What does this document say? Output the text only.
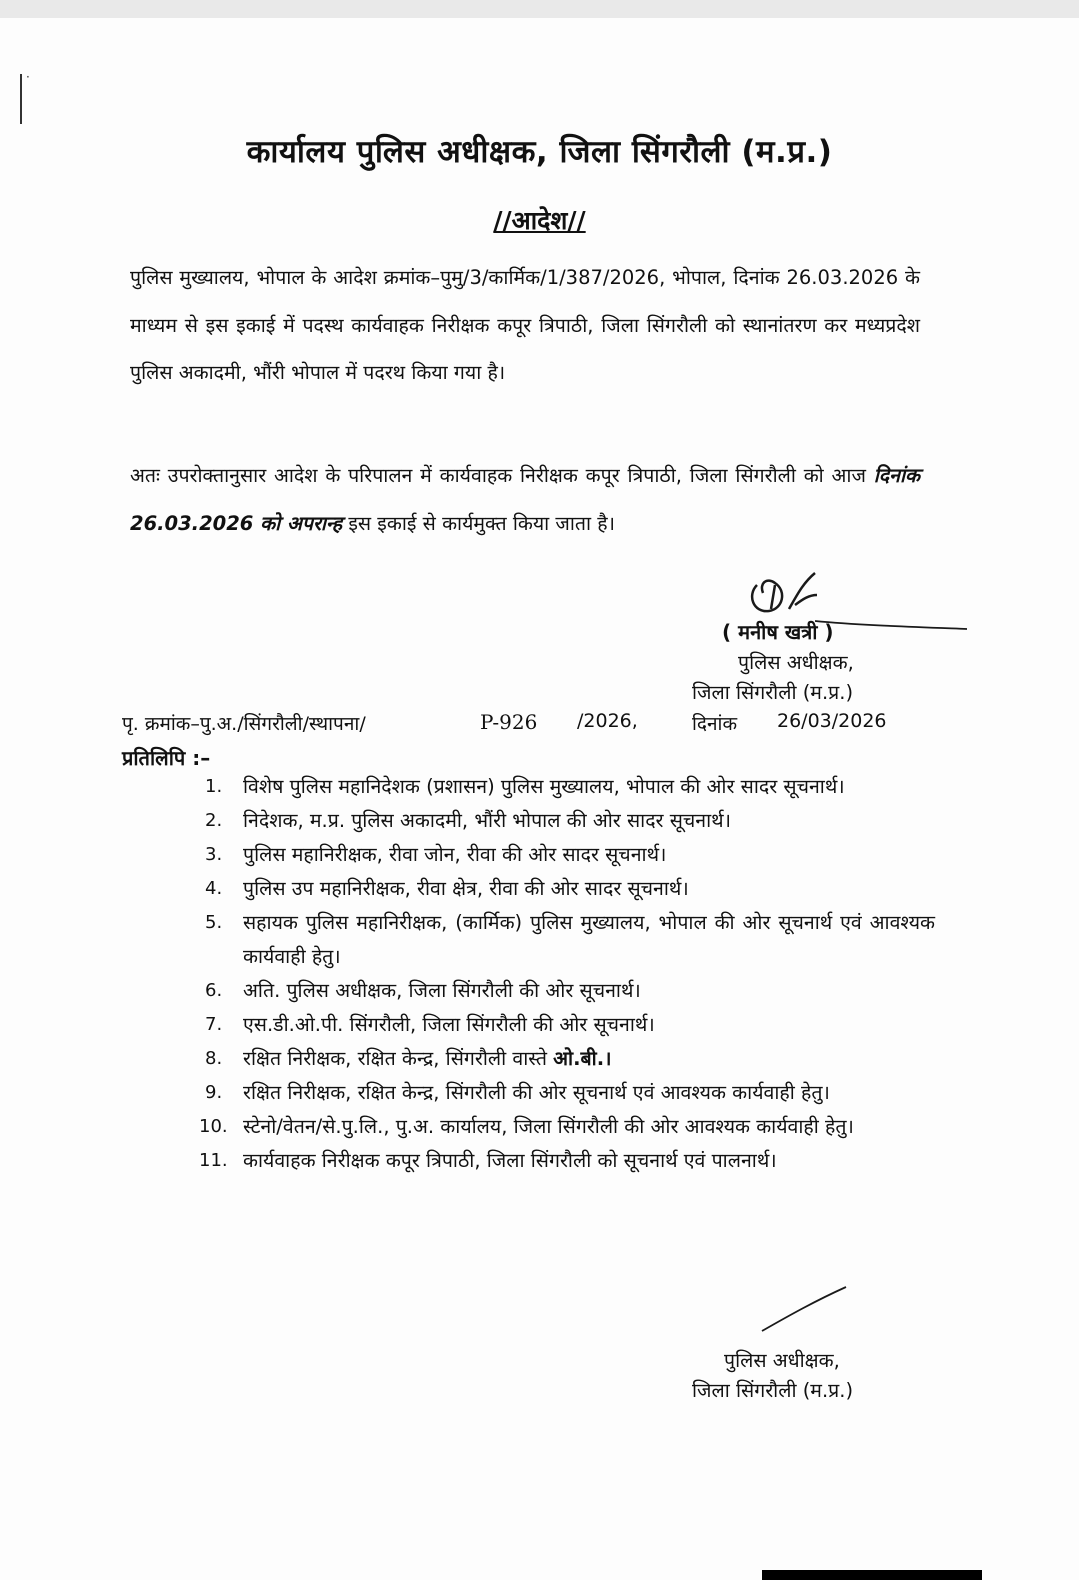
·
कार्यालय पुलिस अधीक्षक, जिला सिंगरौली (म.प्र.)
//आदेश//

पुलिस मुख्यालय, भोपाल के आदेश क्रमांक–पुमु/3/कार्मिक/1/387/2026, भोपाल, दिनांक 26.03.2026 के माध्यम से इस इकाई में पदस्थ कार्यवाहक निरीक्षक कपूर त्रिपाठी, जिला सिंगरौली को स्थानांतरण कर मध्यप्रदेश पुलिस अकादमी, भौंरी भोपाल में पदरथ किया गया है।

अतः उपरोक्तानुसार आदेश के परिपालन में कार्यवाहक निरीक्षक कपूर त्रिपाठी, जिला सिंगरौली को आज दिनांक 26.03.2026 को अपरान्ह इस इकाई से कार्यमुक्त किया जाता है।

( मनीष खत्री )
पुलिस अधीक्षक,
जिला सिंगरौली (म.प्र.)
पृ. क्रमांक–पु.अ./सिंगरौली/स्थापना/	P-926 /2026,	दिनांक 26/03/2026
प्रतिलिपि :–
1. विशेष पुलिस महानिदेशक (प्रशासन) पुलिस मुख्यालय, भोपाल की ओर सादर सूचनार्थ।
2. निदेशक, म.प्र. पुलिस अकादमी, भौंरी भोपाल की ओर सादर सूचनार्थ।
3. पुलिस महानिरीक्षक, रीवा जोन, रीवा की ओर सादर सूचनार्थ।
4. पुलिस उप महानिरीक्षक, रीवा क्षेत्र, रीवा की ओर सादर सूचनार्थ।
5. सहायक पुलिस महानिरीक्षक, (कार्मिक) पुलिस मुख्यालय, भोपाल की ओर सूचनार्थ एवं आवश्यक कार्यवाही हेतु।
6. अति. पुलिस अधीक्षक, जिला सिंगरौली की ओर सूचनार्थ।
7. एस.डी.ओ.पी. सिंगरौली, जिला सिंगरौली की ओर सूचनार्थ।
8. रक्षित निरीक्षक, रक्षित केन्द्र, सिंगरौली वास्ते ओ.बी.।
9. रक्षित निरीक्षक, रक्षित केन्द्र, सिंगरौली की ओर सूचनार्थ एवं आवश्यक कार्यवाही हेतु।
10. स्टेनो/वेतन/से.पु.लि., पु.अ. कार्यालय, जिला सिंगरौली की ओर आवश्यक कार्यवाही हेतु।
11. कार्यवाहक निरीक्षक कपूर त्रिपाठी, जिला सिंगरौली को सूचनार्थ एवं पालनार्थ।
पुलिस अधीक्षक,
जिला सिंगरौली (म.प्र.)
